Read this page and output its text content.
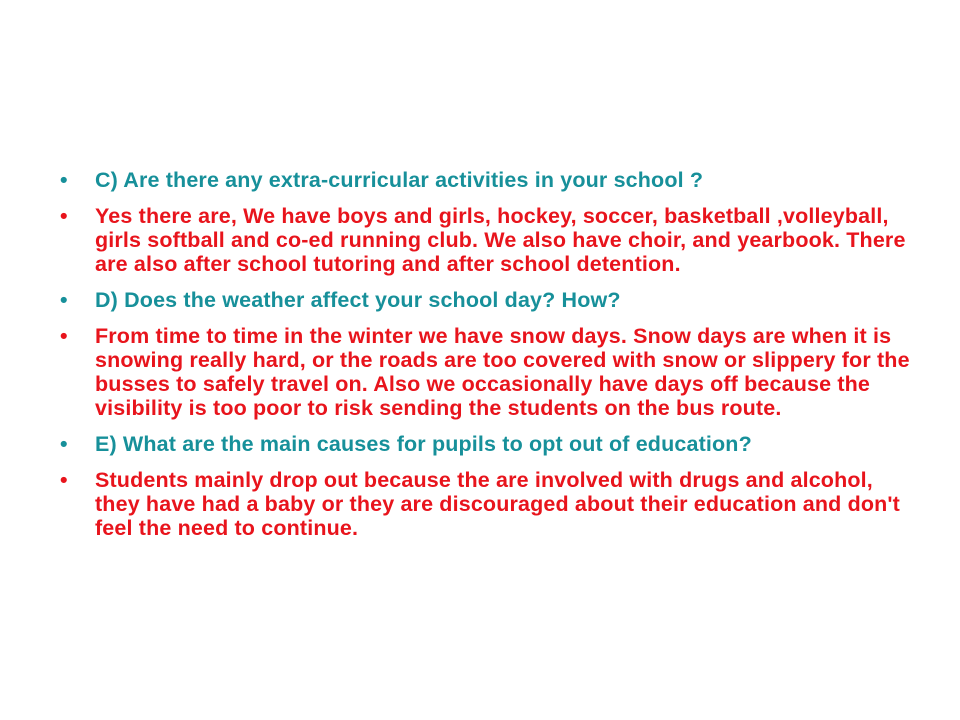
• C) Are there any extra-curricular activities in your school ?
• Yes there are, We have boys and girls, hockey, soccer, basketball ,volleyball, girls softball and co-ed running club. We also have choir, and yearbook. There are also after school tutoring and after school detention.
• D) Does the weather affect your school day? How?
• From time to time in the winter we have snow days. Snow days are when it is snowing really hard, or the roads are too covered with snow or slippery for the busses to safely travel on. Also we occasionally have days off because the visibility is too poor to risk sending the students on the bus route.
• E) What are the main causes for pupils to opt out of education?
• Students mainly drop out because the are involved with drugs and alcohol, they have had a baby or they are discouraged about their education and don't feel the need to continue.
